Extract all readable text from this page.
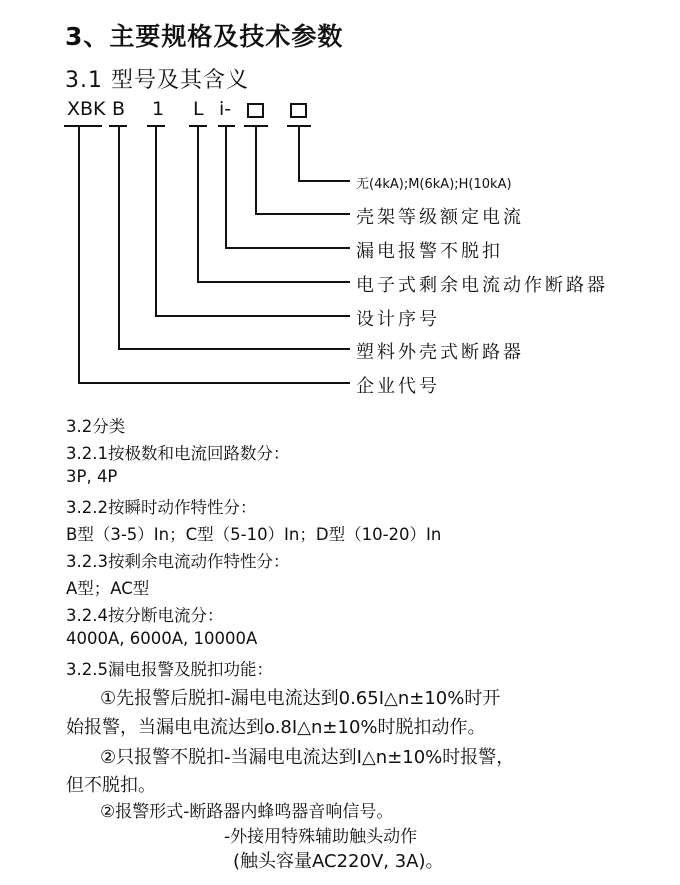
3、主要规格及技术参数
3.1 型号及其含义
XBK B 1 L i-
无(4kA);M(6kA);H(10kA)
壳架等级额定电流
漏电报警不脱扣
电子式剩余电流动作断路器
设计序号
塑料外壳式断路器
企业代号
3.2分类
3.2.1按极数和电流回路数分：
3P, 4P
3.2.2按瞬时动作特性分：
B型（3-5）In；C型（5-10）In；D型（10-20）In
3.2.3按剩余电流动作特性分：
A型；AC型
3.2.4按分断电流分：
4000A, 6000A, 10000A
3.2.5漏电报警及脱扣功能：
①先报警后脱扣-漏电电流达到0.65I△n±10%时开
始报警，当漏电电流达到o.8I△n±10%时脱扣动作。
②只报警不脱扣-当漏电电流达到I△n±10%时报警，
但不脱扣。
②报警形式-断路器内蜂鸣器音响信号。
-外接用特殊辅助触头动作
(触头容量AC220V, 3A)。
